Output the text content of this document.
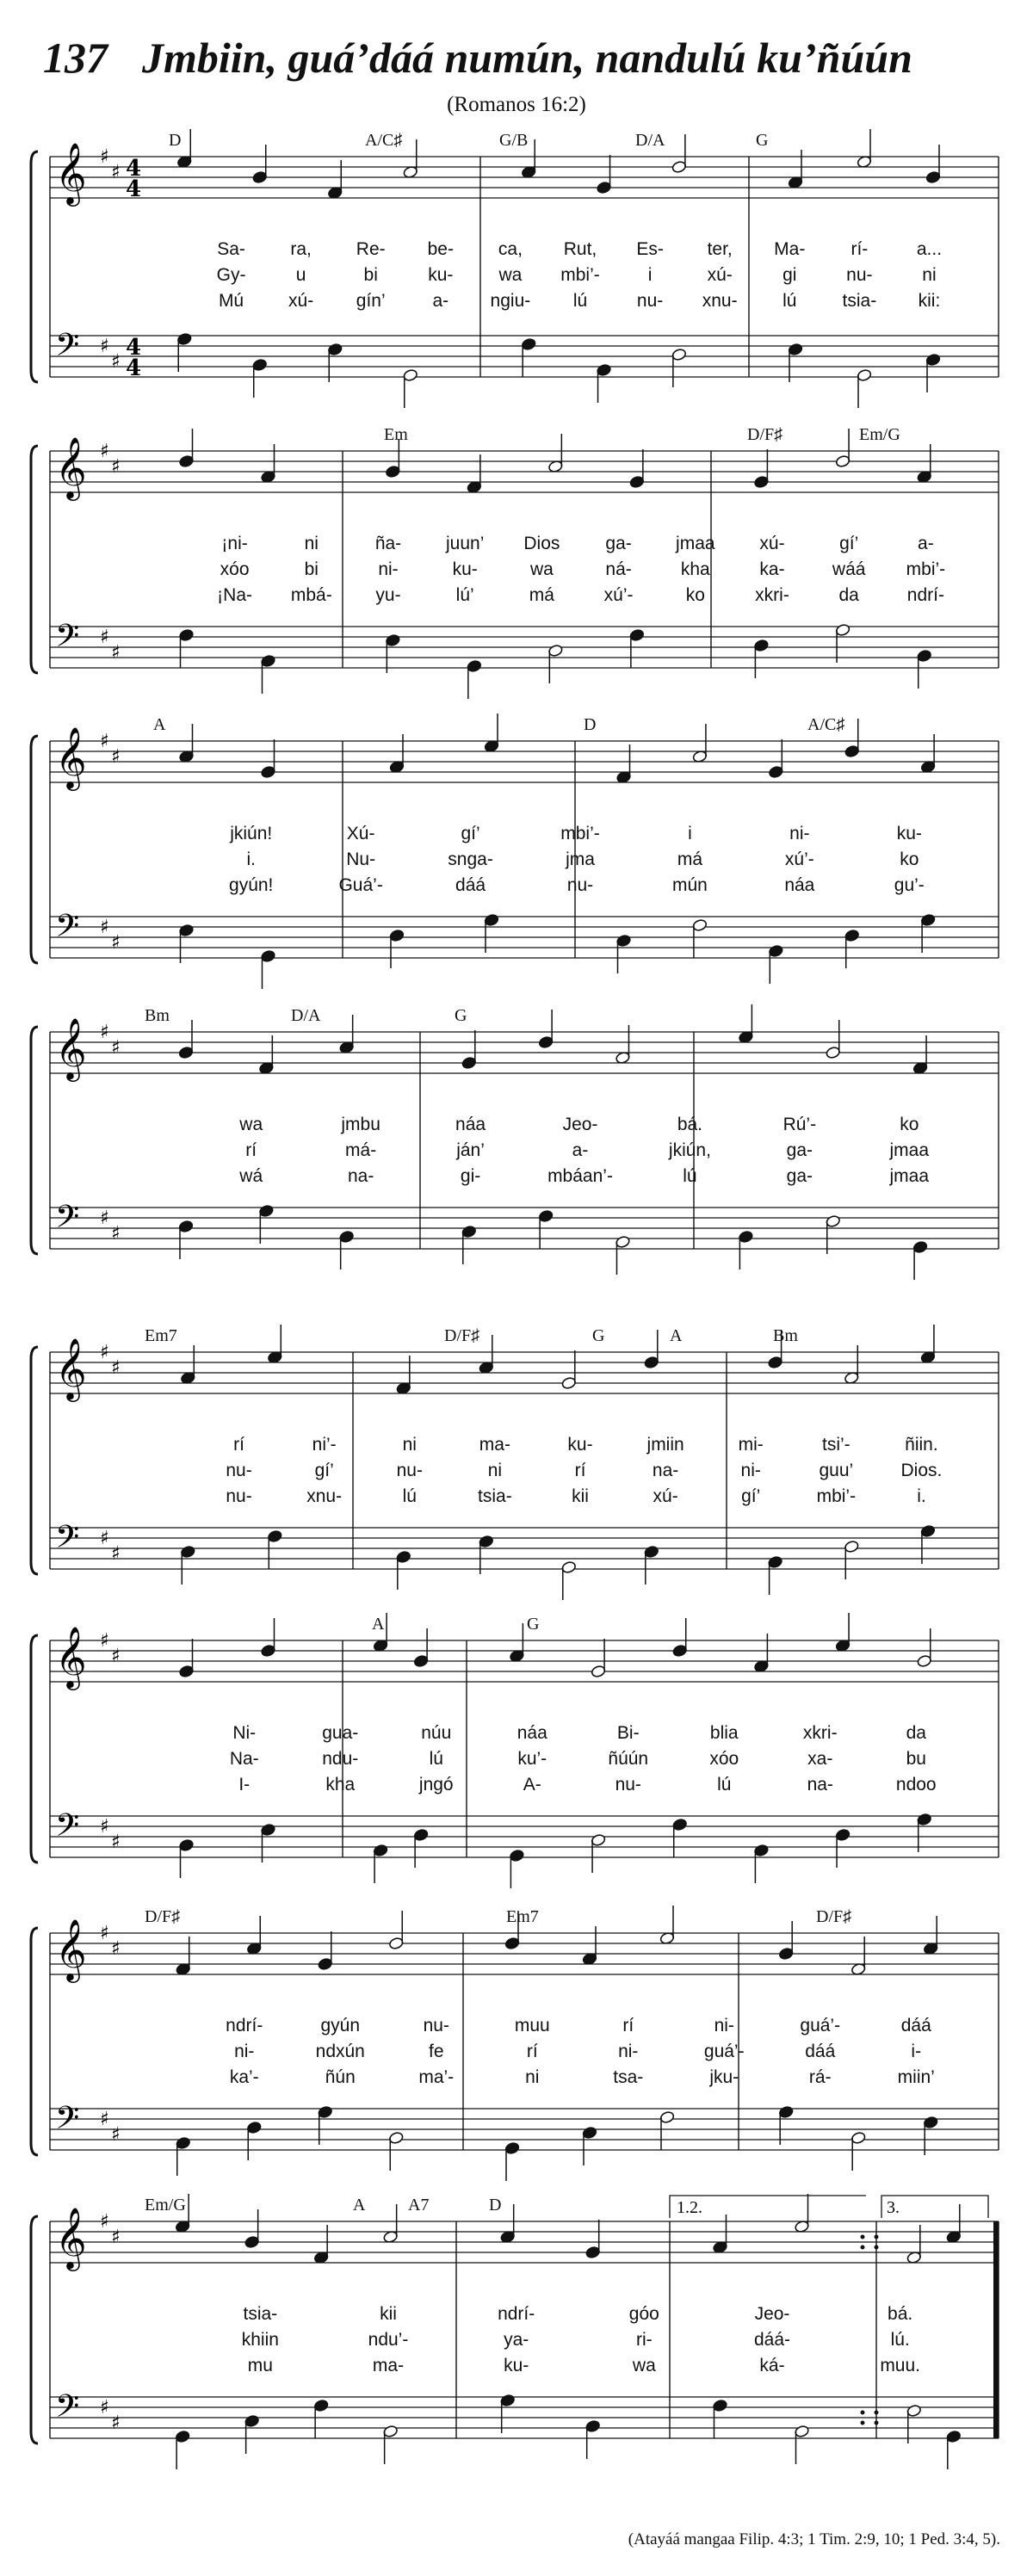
137 Jmbiin, guá’dáá numún, nandulú ku’ñúún
(Romanos 16:2)
𝄞 ♯
♯
𝄢 ♯
♯
4
4
4
4
D	A/C♯	G/B	D/A	G
Sa- ra, Re- be- ca, Rut, Es- ter, Ma-	rí-	a...
Gy-	u	bi	ku-	wa mbi’-	i	xú-	gi	nu-	ni
Mú xú- gín’	a- ngiu- lú	nu- xnu- lú	tsia- kii:
𝄞 ♯
♯
𝄢 ♯
♯
Em	D/F♯	Em/G
¡ni-	ni	ña- juun’ Dios	ga- jmaa xú-	gí’	a-
xóo	bi	ni-	ku-	wa	ná-	kha	ka-	wáá mbi’-
¡Na- mbá- yu-	lú’	má	xú’-	ko	xkri-	da	ndrí-
𝄞 ♯
♯
𝄢 ♯
♯
A	D	A/C♯
jkiún!	Xú-	gí’	mbi’-	i	ni-	ku-
i.	Nu-	snga-	jma	má	xú’-	ko
gyún!	Guá’-	dáá	nu-	mún	náa	gu’-
𝄞 ♯
♯
𝄢 ♯
♯
Bm	D/A	G
wa	jmbu	náa	Jeo-	bá.	Rú’-	ko
rí	má-	ján’	a-	jkiún,	ga-	jmaa
wá	na-	gi-	mbáan’-	lú	ga-	jmaa
𝄞 ♯
♯
𝄢 ♯
♯
Em7	D/F♯	G	A	Bm
rí	ni’-	ni	ma-	ku-	jmiin	mi-	tsi’-	ñiin.
nu-	gí’	nu-	ni	rí	na-	ni-	guu’	Dios.
nu-	xnu-	lú	tsia-	kii	xú-	gí’	mbi’-	i.
𝄞 ♯
♯
𝄢 ♯
♯
A	G
Ni-	gua-	núu	náa	Bi-	blia	xkri-	da
Na-	ndu-	lú	ku’-	ñúún	xóo	xa-	bu
I-	kha	jngó	A-	nu-	lú	na-	ndoo
𝄞 ♯
♯
𝄢 ♯
♯
D/F♯	Em7	D/F♯
ndrí-	gyún	nu-	muu	rí	ni-	guá’-	dáá
ni-	ndxún	fe	rí	ni-	guá’-	dáá	i-
ka’-	ñún	ma’-	ni	tsa-	jku-	rá-	miin’
𝄞 ♯
♯
𝄢 ♯
♯
1.2.	3.
Em/G	A A7	D
tsia-	kii	ndrí-	góo	Jeo-	bá.
khiin	ndu’-	ya-	ri-	dáá-	lú.
mu	ma-	ku-	wa	ká-	muu.
(Atayáá mangaa Filip. 4:3; 1 Tim. 2:9, 10; 1 Ped. 3:4, 5).
